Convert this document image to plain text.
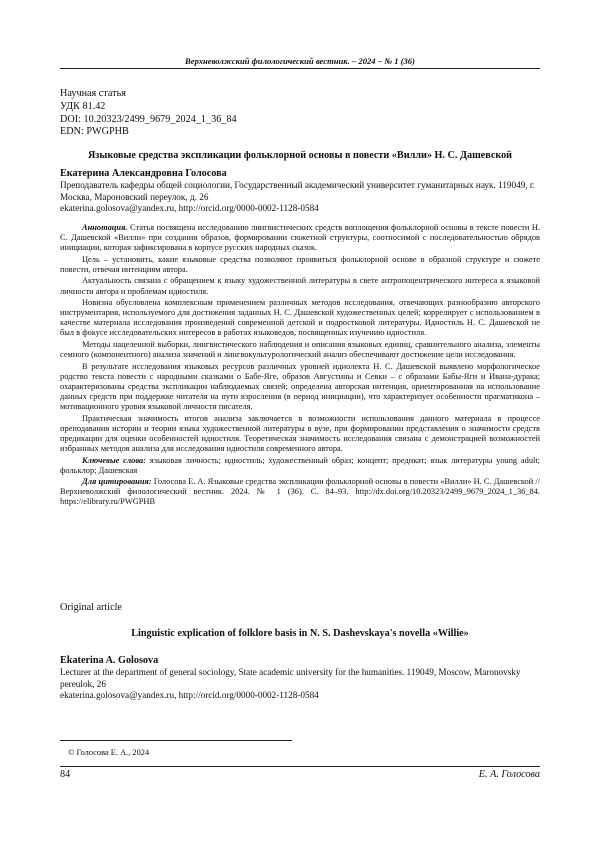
Верхневолжский филологический вестник. – 2024 – № 1 (36)
Научная статья
УДК 81.42
DOI: 10.20323/2499_9679_2024_1_36_84
EDN: PWGPHB
Языковые средства экспликации фольклорной основы в повести «Вилли» Н. С. Дашевской
Екатерина Александровна Голосова
Преподаватель кафедры общей социологии, Государственный академический университет гуманитарных наук. 119049, г. Москва, Мароновский переулок, д. 26
ekaterina.golosova@yandex.ru, http://orcid.org/0000-0002-1128-0584

Аннотация. Статья посвящена исследованию лингвистических средств воплощения фольклорной основы в тексте повести Н. С. Дашевской «Вилли» при создании образов, формировании сюжетной структуры, соотносимой с последовательностью обрядов инициации, которая зафиксирована в корпусе русских народных сказок.

Цель – установить, какие языковые средства позволяют проявиться фольклорной основе в образной структуре и сюжете повести, отвечая интенциям автора.

Актуальность связана с обращением к языку художественной литературы в свете антропоцентрического интереса к языковой личности автора и проблемам идиостиля.

Новизна обусловлена комплексным применением различных методов исследования, отвечающих разнообразию авторского инструментария, используемого для достижения заданных Н. С. Дашевской художественных целей; коррелирует с использованием в качестве материала исследования произведений современной детской и подростковой литературы. Идиостиль Н. С. Дашевской не был в фокусе исследовательских интересов в работах языковедов, посвященных изучению идиостиля.

Методы нацеленной выборки, лингвистического наблюдения и описания языковых единиц, сравнительного анализа, элементы семного (компонентного) анализа значений и лингвокультурологический анализ обеспечивают достижение цели исследования.

В результате исследования языковых ресурсов различных уровней идиолекта Н. С. Дашевской выявлено морфологическое родство текста повести с народными сказками о Бабе-Яге, образов Августины и Севки – с образами Бабы-Яги и Ивана-дурака; охарактеризованы средства экспликации наблюдаемых связей; определена авторская интенция, ориентированная на использование данных средств при поддержке читателя на пути взросления (в период инициации), что характеризует особенности прагматикона – мотивационного уровня языковой личности писателя.

Практическая значимость итогов анализа заключается в возможности использования данного материала в процессе преподавания истории и теории языка художественной литературы в вузе, при формировании представления о значимости средств предикации для оценки особенностей идиостиля. Теоретическая значимость исследования связана с демонстрацией возможностей избранных методов анализа для исследования идиостиля современного автора.

Ключевые слова: языковая личность; идиостиль; художественный образ; концепт; предикат; язык литературы young adult; фольклор; Дашевская

Для цитирования: Голосова Е. А. Языковые средства экспликации фольклорной основы в повести «Вилли» Н. С. Дашевской // Верхневолжский филологический вестник. 2024. № 1 (36). С. 84–93. http://dx.doi.org/10.20323/2499_9679_2024_1_36_84. https://elibrary.ru/PWGPHB

Original article
Linguistic explication of folklore basis in N. S. Dashevskaya's novella «Willie»
Ekaterina A. Golosova
Lecturer at the department of general sociology, State academic university for the humanities. 119049, Moscow, Maronovsky pereulok, 26
ekaterina.golosova@yandex.ru, http://orcid.org/0000-0002-1128-0584
© Голосова Е. А., 2024
84	Е. А. Голосова
